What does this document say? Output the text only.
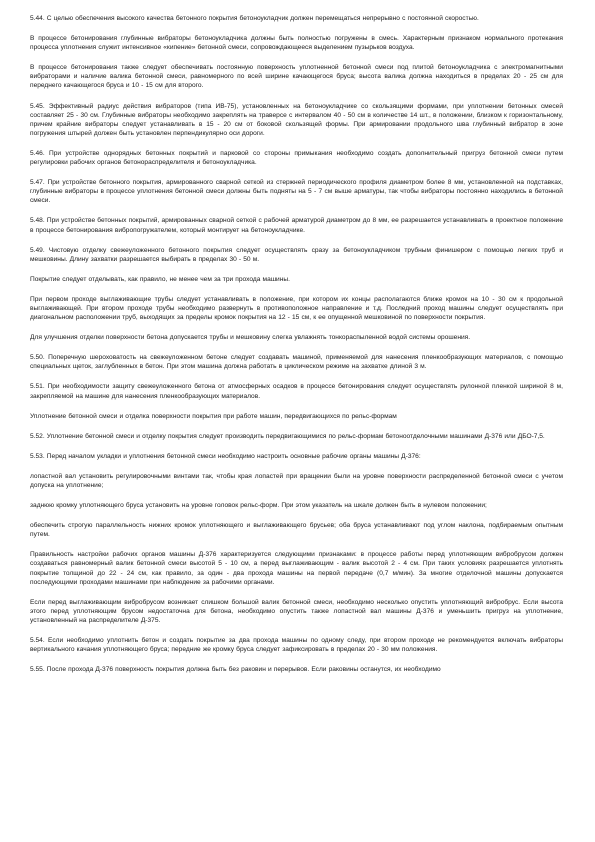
5.44. С целью обеспечения высокого качества бетонного покрытия бетоноукладчик должен перемещаться непрерывно с постоянной скоростью.

В процессе бетонирования глубинные вибраторы бетоноукладчика должны быть полностью погружены в смесь. Характерным признаком нормального протекания процесса уплотнения служит интенсивное «кипение» бетонной смеси, сопровождающееся выделением пузырьков воздуха.

В процессе бетонирования также следует обеспечивать постоянную поверхность уплотненной бетонной смеси под плитой бетоноукладчика с электромагнитными вибраторами и наличие валика бетонной смеси, равномерного по всей ширине качающегося бруса; высота валика должна находиться в пределах 20 - 25 см для переднего качающегося бруса и 10 - 15 см для второго.

5.45. Эффективный радиус действия вибраторов (типа ИВ-75), установленных на бетоноукладчике со скользящими формами, при уплотнении бетонных смесей составляет 25 - 30 см. Глубинные вибраторы необходимо закреплять на траверсе с интервалом 40 - 50 см в количестве 14 шт., в положении, близком к горизонтальному, причем крайние вибраторы следует устанавливать в 15 - 20 см от боковой скользящей формы. При армировании продольного шва глубинный вибратор в зоне погружения штырей должен быть установлен перпендикулярно оси дороги.

5.46. При устройстве однорядных бетонных покрытий и парковой со стороны примыкания необходимо создать дополнительный пригруз бетонной смеси путем регулировки рабочих органов бетонораспределителя и бетоноукладчика.

5.47. При устройстве бетонного покрытия, армированного сварной сеткой из стержней периодического профиля диаметром более 8 мм, установленной на подставках, глубинные вибраторы в процессе уплотнения бетонной смеси должны быть подняты на 5 - 7 см выше арматуры, так чтобы вибраторы постоянно находились в бетонной смеси.

5.48. При устройстве бетонных покрытий, армированных сварной сеткой с рабочей арматурой диаметром до 8 мм, ее разрешается устанавливать в проектное положение в процессе бетонирования вибропогружателем, который монтирует на бетоноукладчике.

5.49. Чистовую отделку свежеуложенного бетонного покрытия следует осуществлять сразу за бетоноукладчиком трубным финишером с помощью легких труб и мешковины. Длину захватки разрешается выбирать в пределах 30 - 50 м.

Покрытие следует отделывать, как правило, не менее чем за три прохода машины.

При первом проходе выглаживающие трубы следует устанавливать в положение, при котором их концы располагаются ближе кромок на 10 - 30 см к продольной выглаживающей. При втором проходе трубы необходимо развернуть в противоположное направление и т.д. Последний проход машины следует осуществлять при диагональном расположении труб, выходящих за пределы кромок покрытия на 12 - 15 см, к ее опущенной мешковиной по поверхности покрытия.

Для улучшения отделки поверхности бетона допускается трубы и мешковину слегка увлажнять тонкораспыленной водой системы орошения.

5.50. Поперечную шероховатость на свежеуложенном бетоне следует создавать машиной, применяемой для нанесения пленкообразующих материалов, с помощью специальных щеток, заглубленных в бетон. При этом машина должна работать в циклическом режиме на захватке длиной 3 м.

5.51. При необходимости защиту свежеуложенного бетона от атмосферных осадков в процессе бетонирования следует осуществлять рулонной пленкой шириной 8 м, закрепляемой на машине для нанесения пленкообразующих материалов.

Уплотнение бетонной смеси и отделка поверхности покрытия при работе машин, передвигающихся по рельс-формам

5.52. Уплотнение бетонной смеси и отделку покрытия следует производить передвигающимися по рельс-формам бетоноотделочными машинами Д-376 или ДБО-7,5.

5.53. Перед началом укладки и уплотнения бетонной смеси необходимо настроить основные рабочие органы машины Д-376:

лопастной вал установить регулировочными винтами так, чтобы края лопастей при вращении были на уровне поверхности распределенной бетонной смеси с учетом допуска на уплотнение;

заднюю кромку уплотняющего бруса установить на уровне головок рельс-форм. При этом указатель на шкале должен быть в нулевом положении;

обеспечить строгую параллельность нижних кромок уплотняющего и выглаживающего брусьев; оба бруса устанавливают под углом наклона, подбираемым опытным путем.

Правильность настройки рабочих органов машины Д-376 характеризуется следующими признаками: в процессе работы перед уплотняющим вибробрусом должен создаваться равномерный валик бетонной смеси высотой 5 - 10 см, а перед выглаживающим - валик высотой 2 - 4 см. При таких условиях разрешается уплотнять покрытие толщиной до 22 - 24 см, как правило, за один - два прохода машины на первой передаче (0,7 м/мин). За многие отделочной машины допускается последующими проходами машинами при наблюдение за рабочими органами.

Если перед выглаживающим вибробрусом возникает слишком большой валик бетонной смеси, необходимо несколько опустить уплотняющий вибробрус. Если высота этого перед уплотняющим брусом недостаточна для бетона, необходимо опустить также лопастной вал машины Д-376 и уменьшить пригруз на уплотнение, установленный на распределителе Д-375.

5.54. Если необходимо уплотнить бетон и создать покрытие за два прохода машины по одному следу, при втором проходе не рекомендуется включать вибраторы вертикального качания уплотняющего бруса; передние же кромку бруса следует зафиксировать в пределах 20 - 30 мм положения.

5.55. После прохода Д-376 поверхность покрытия должна быть без раковин и перерывов. Если раковины останутся, их необходимо
